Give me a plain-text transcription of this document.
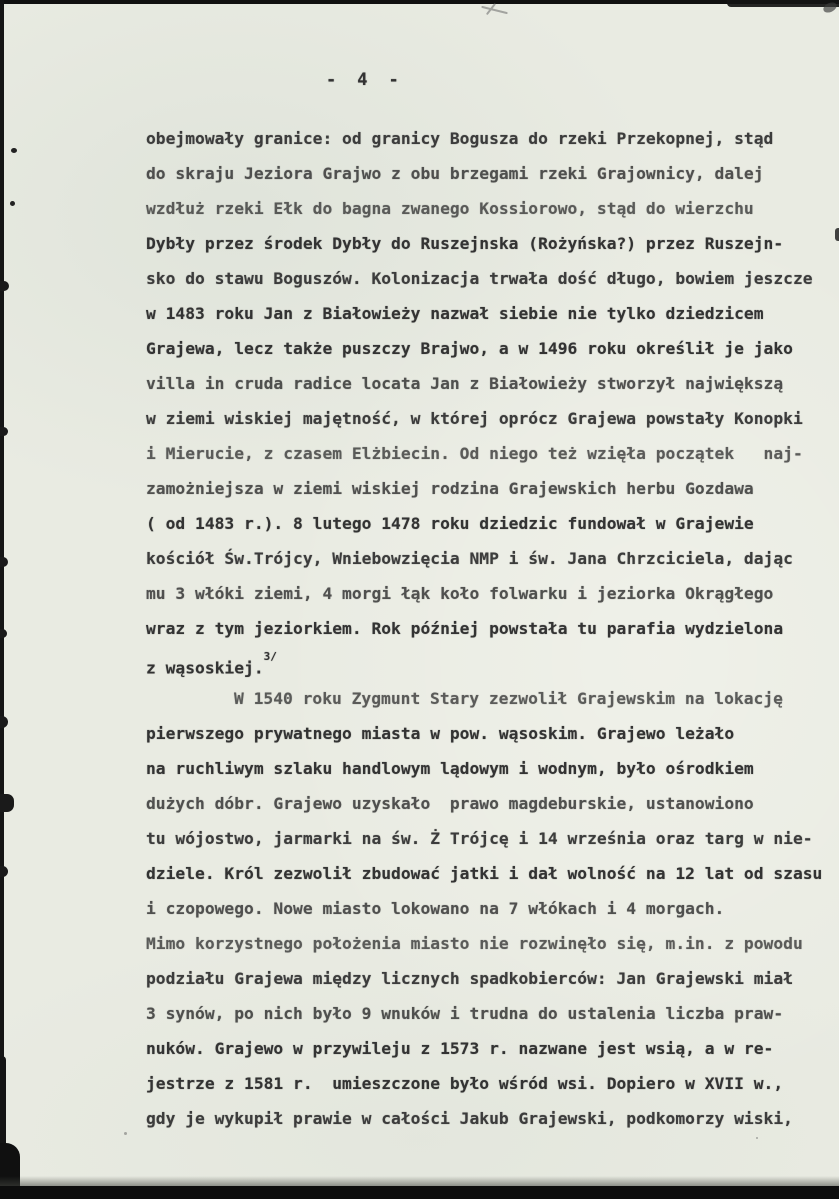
- 4 -
obejmowały granice: od granicy Bogusza do rzeki Przekopnej, stąd
do skraju Jeziora Grajwo z obu brzegami rzeki Grajownicy, dalej
wzdłuż rzeki Ełk do bagna zwanego Kossiorowo, stąd do wierzchu
Dybły przez środek Dybły do Ruszejnska (Rożyńska?) przez Ruszejn-
sko do stawu Boguszów. Kolonizacja trwała dość długo, bowiem jeszcze
w 1483 roku Jan z Białowieży nazwał siebie nie tylko dziedzicem
Grajewa, lecz także puszczy Brajwo, a w 1496 roku określił je jako
villa in cruda radice locata Jan z Białowieży stworzył największą
w ziemi wiskiej majętność, w której oprócz Grajewa powstały Konopki
i Mierucie, z czasem Elżbiecin. Od niego też wzięła początek   naj-
zamożniejsza w ziemi wiskiej rodzina Grajewskich herbu Gozdawa
( od 1483 r.). 8 lutego 1478 roku dziedzic fundował w Grajewie
kościół Św.Trójcy, Wniebowzięcia NMP i św. Jana Chrzciciela, dając
mu 3 włóki ziemi, 4 morgi łąk koło folwarku i jeziorka Okrągłego
wraz z tym jeziorkiem. Rok później powstała tu parafia wydzielona
z wąsoskiej.$^{3/}$
W 1540 roku Zygmunt Stary zezwolił Grajewskim na lokację
pierwszego prywatnego miasta w pow. wąsoskim. Grajewo leżało
na ruchliwym szlaku handlowym lądowym i wodnym, było ośrodkiem
dużych dóbr. Grajewo uzyskało  prawo magdeburskie, ustanowiono
tu wójostwo, jarmarki na św. Ż Trójcę i 14 września oraz targ w nie-
dziele. Król zezwolił zbudować jatki i dał wolność na 12 lat od szasu
i czopowego. Nowe miasto lokowano na 7 włókach i 4 morgach.
Mimo korzystnego położenia miasto nie rozwinęło się, m.in. z powodu
podziału Grajewa między licznych spadkobierców: Jan Grajewski miał
3 synów, po nich było 9 wnuków i trudna do ustalenia liczba praw-
nuków. Grajewo w przywileju z 1573 r. nazwane jest wsią, a w re-
jestrze z 1581 r.  umieszczone było wśród wsi. Dopiero w XVII w.,
gdy je wykupił prawie w całości Jakub Grajewski, podkomorzy wiski,
